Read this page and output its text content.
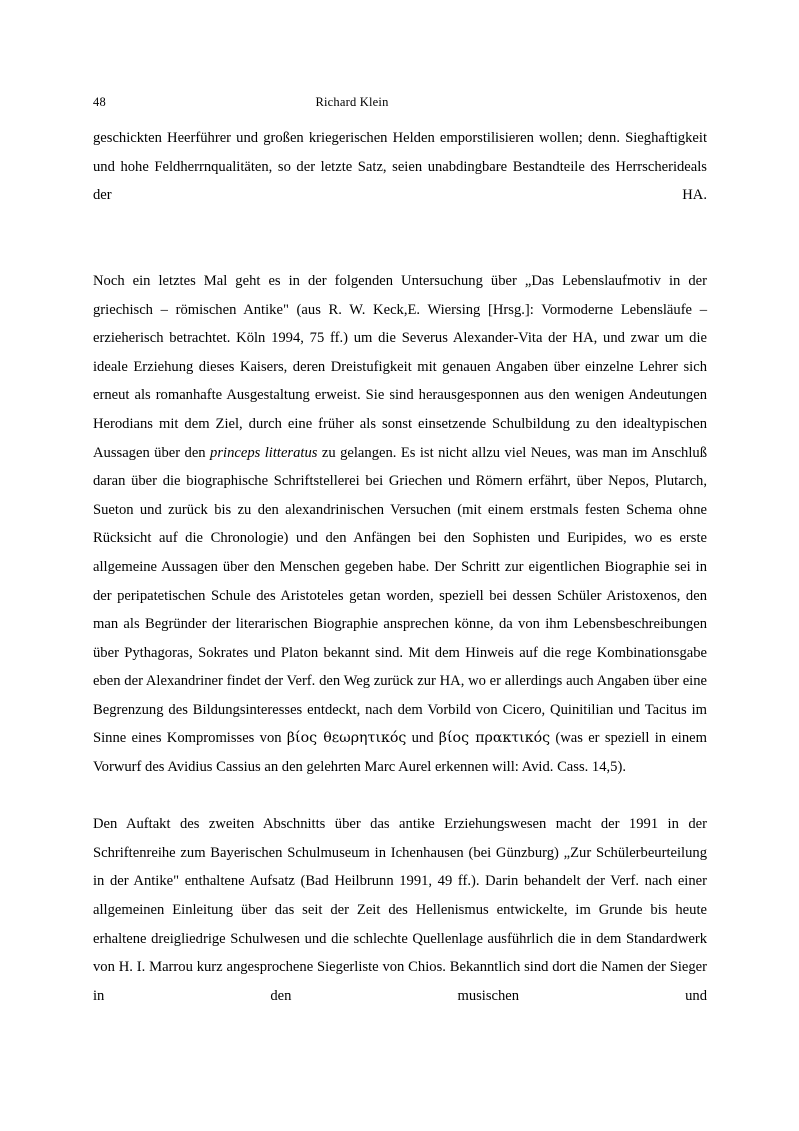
48	Richard Klein

geschickten Heerführer und großen kriegerischen Helden emporstilisieren wollen; denn. Sieghaftigkeit und hohe Feldherrnqualitäten, so der letzte Satz, seien unabdingbare Bestandteile des Herrscherideals der HA.

Noch ein letztes Mal geht es in der folgenden Untersuchung über „Das Lebenslaufmotiv in der griechisch – römischen Antike" (aus R. W. Keck,E. Wiersing [Hrsg.]: Vormoderne Lebensläufe – erzieherisch betrachtet. Köln 1994, 75 ff.) um die Severus Alexander-Vita der HA, und zwar um die ideale Erziehung dieses Kaisers, deren Dreistufigkeit mit genauen Angaben über einzelne Lehrer sich erneut als romanhafte Ausgestaltung erweist. Sie sind herausgesponnen aus den wenigen Andeutungen Herodians mit dem Ziel, durch eine früher als sonst einsetzende Schulbildung zu den idealtypischen Aussagen über den princeps litteratus zu gelangen. Es ist nicht allzu viel Neues, was man im Anschluß daran über die biographische Schriftstellerei bei Griechen und Römern erfährt, über Nepos, Plutarch, Sueton und zurück bis zu den alexandrinischen Versuchen (mit einem erstmals festen Schema ohne Rücksicht auf die Chronologie) und den Anfängen bei den Sophisten und Euripides, wo es erste allgemeine Aussagen über den Menschen gegeben habe. Der Schritt zur eigentlichen Biographie sei in der peripatetischen Schule des Aristoteles getan worden, speziell bei dessen Schüler Aristoxenos, den man als Begründer der literarischen Biographie ansprechen könne, da von ihm Lebensbeschreibungen über Pythagoras, Sokrates und Platon bekannt sind. Mit dem Hinweis auf die rege Kombinationsgabe eben der Alexandriner findet der Verf. den Weg zurück zur HA, wo er allerdings auch Angaben über eine Begrenzung des Bildungsinteresses entdeckt, nach dem Vorbild von Cicero, Quinitilian und Tacitus im Sinne eines Kompromisses von βίος θεωρητικός und βίος πρακτικός (was er speziell in einem Vorwurf des Avidius Cassius an den gelehrten Marc Aurel erkennen will: Avid. Cass. 14,5).

Den Auftakt des zweiten Abschnitts über das antike Erziehungswesen macht der 1991 in der Schriftenreihe zum Bayerischen Schulmuseum in Ichenhausen (bei Günzburg) „Zur Schülerbeurteilung in der Antike" enthaltene Aufsatz (Bad Heilbrunn 1991, 49 ff.). Darin behandelt der Verf. nach einer allgemeinen Einleitung über das seit der Zeit des Hellenismus entwickelte, im Grunde bis heute erhaltene dreigliedrige Schulwesen und die schlechte Quellenlage ausführlich die in dem Standardwerk von H. I. Marrou kurz angesprochene Siegerliste von Chios. Bekanntlich sind dort die Namen der Sieger in den musischen und
